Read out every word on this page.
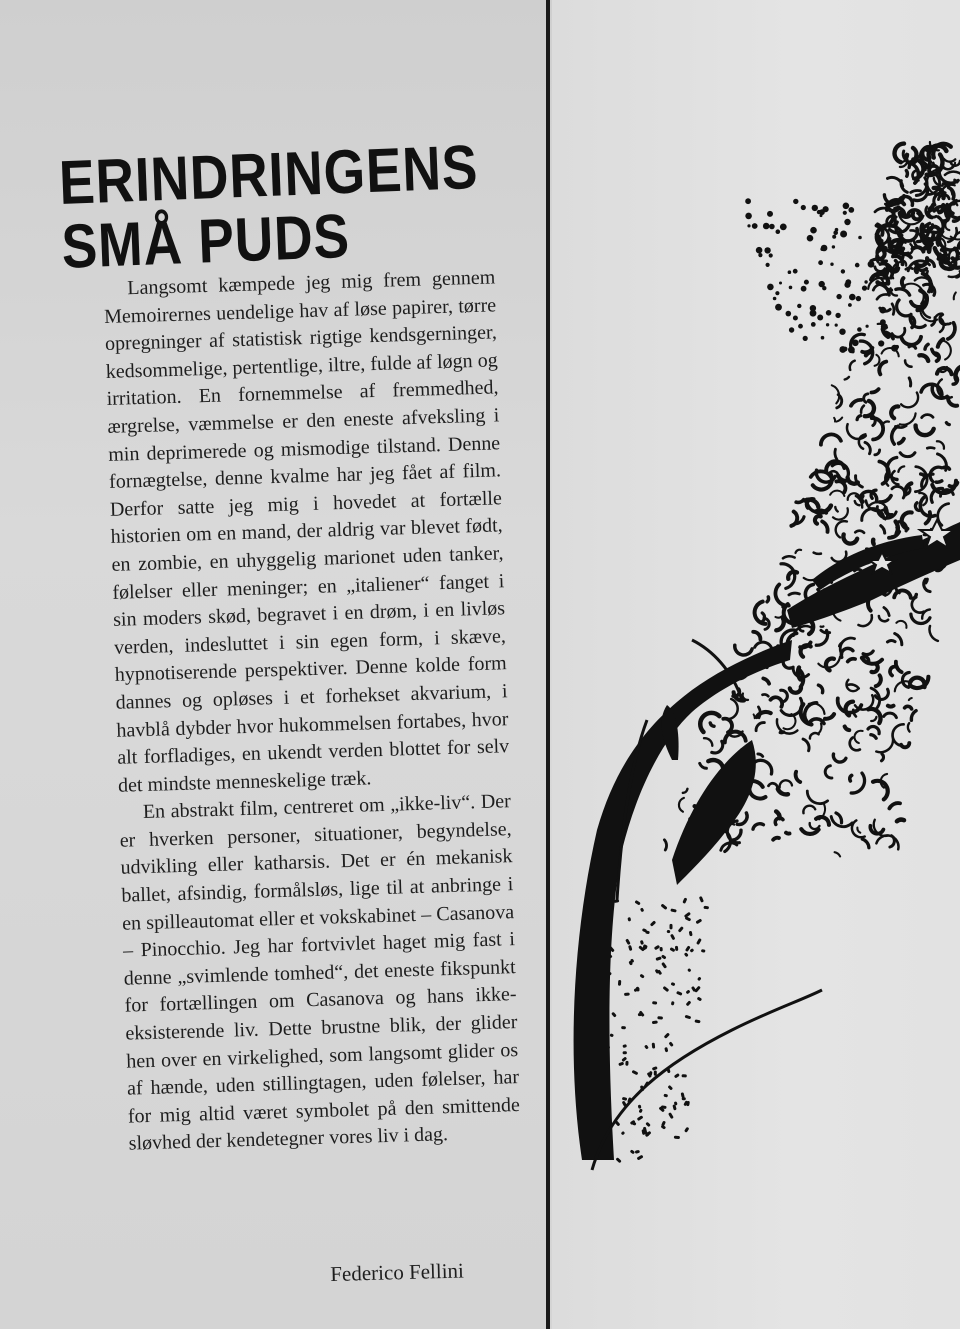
ERINDRINGENS
SMÅ PUDS

Langsomt kæmpede jeg mig frem gennem Memoirernes uendelige hav af løse papirer, tørre opregninger af statistisk rigtige kendsgerninger, kedsommelige, pertentlige, iltre, fulde af løgn og irritation. En fornemmelse af fremmedhed, ærgrelse, væmmelse er den eneste afveksling i min deprimerede og mismodige tilstand. Denne fornægtelse, denne kvalme har jeg fået af film. Derfor satte jeg mig i hovedet at fortælle historien om en mand, der aldrig var blevet født, en zombie, en uhyggelig marionet uden tanker, følelser eller meninger; en „italiener“ fanget i sin moders skød, begravet i en drøm, i en livløs verden, indesluttet i sin egen form, i skæve, hypnotiserende perspektiver. Denne kolde form dannes og opløses i et forhekset akvarium, i havblå dybder hvor hukommelsen fortabes, hvor alt forfladiges, en ukendt verden blottet for selv det mindste menneskelige træk.

En abstrakt film, centreret om „ikke-liv“. Der er hverken personer, situationer, begyndelse, udvikling eller katharsis. Det er én mekanisk ballet, afsindig, formålsløs, lige til at anbringe i en spilleautomat eller et vokskabinet – Casanova – Pinocchio. Jeg har fortvivlet haget mig fast i denne „svimlende tomhed“, det eneste fikspunkt for fortællingen om Casanova og hans ikke-eksisterende liv. Dette brustne blik, der glider hen over en virkelighed, som langsomt glider os af hænde, uden stillingtagen, uden følelser, har for mig altid været symbolet på den smittende sløvhed der kendetegner vores liv i dag.

Federico Fellini
